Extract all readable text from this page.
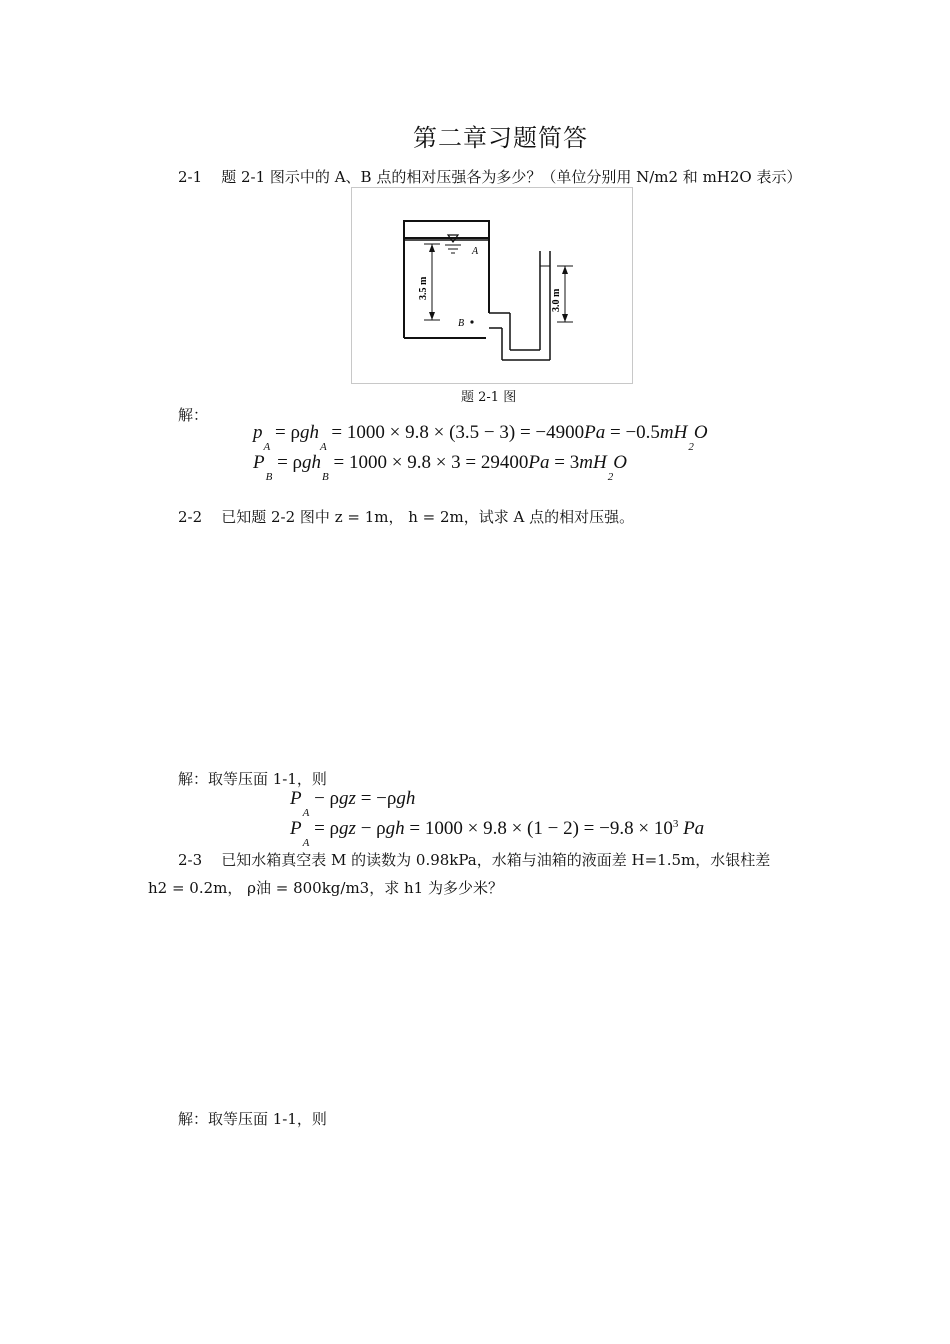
第二章习题简答
2-1 题 2-1 图示中的 A、B 点的相对压强各为多少？（单位分别用 N/m2 和 mH2O 表示）
A
B
3.5 m
3.0 m
题 2-1 图
解：
$p_A = \rho gh_A = 1000 \times 9.8 \times (3.5 - 3) = -4900Pa = -0.5mH_2O$
$P_B = \rho gh_B = 1000 \times 9.8 \times 3 = 29400Pa = 3mH_2O$
2-2 已知题 2-2 图中 z = 1m， h = 2m，试求 A 点的相对压强。
解：取等压面 1-1，则
$P_A - \rho gz = -\rho gh$
$P_A = \rho gz - \rho gh = 1000 \times 9.8 \times (1 - 2) = -9.8 \times 10^3$ Pa
2-3 已知水箱真空表 M 的读数为 0.98kPa，水箱与油箱的液面差 H=1.5m，水银柱差
h2 = 0.2m， ρ油 = 800kg/m3，求 h1 为多少米？
解：取等压面 1-1，则
